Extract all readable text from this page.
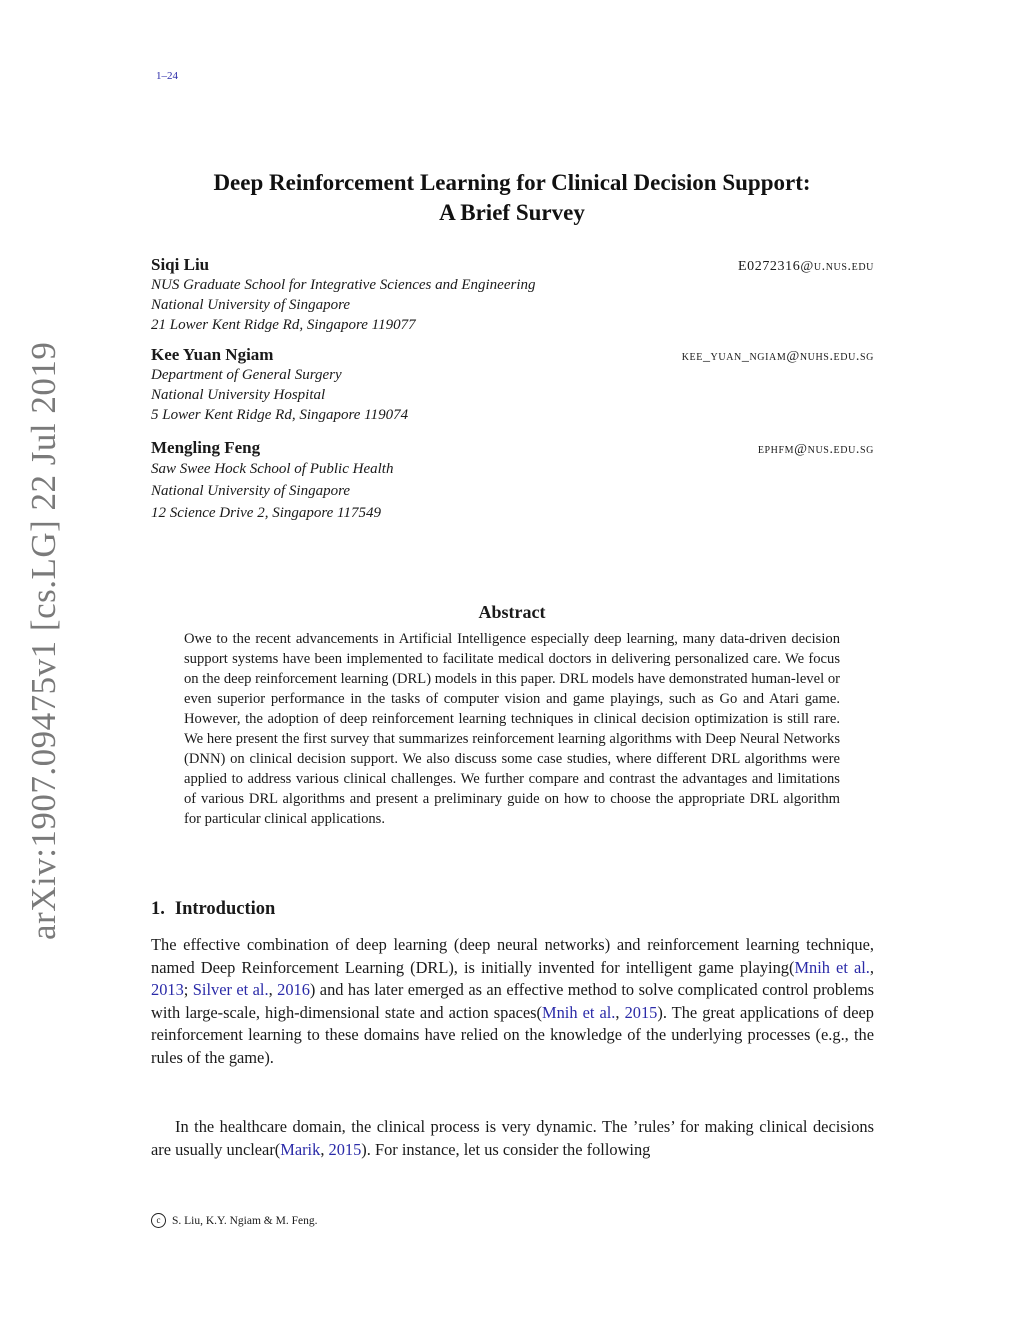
1–24
arXiv:1907.09475v1 [cs.LG] 22 Jul 2019
Deep Reinforcement Learning for Clinical Decision Support:
A Brief Survey
Siqi Liu	E0272316@u.nus.edu
NUS Graduate School for Integrative Sciences and Engineering
National University of Singapore
21 Lower Kent Ridge Rd, Singapore 119077
Kee Yuan Ngiam	kee_yuan_ngiam@nuhs.edu.sg
Department of General Surgery
National University Hospital
5 Lower Kent Ridge Rd, Singapore 119074
Mengling Feng	ephfm@nus.edu.sg
Saw Swee Hock School of Public Health
National University of Singapore
12 Science Drive 2, Singapore 117549
Abstract
Owe to the recent advancements in Artificial Intelligence especially deep learning, many data-driven decision support systems have been implemented to facilitate medical doctors in delivering personalized care. We focus on the deep reinforcement learning (DRL) models in this paper. DRL models have demonstrated human-level or even superior performance in the tasks of computer vision and game playings, such as Go and Atari game. However, the adoption of deep reinforcement learning techniques in clinical decision optimization is still rare. We here present the first survey that summarizes reinforcement learning algorithms with Deep Neural Networks (DNN) on clinical decision support. We also discuss some case studies, where different DRL algorithms were applied to address various clinical challenges. We further compare and contrast the advantages and limitations of various DRL algorithms and present a preliminary guide on how to choose the appropriate DRL algorithm for particular clinical applications.
1. Introduction
The effective combination of deep learning (deep neural networks) and reinforcement learning technique, named Deep Reinforcement Learning (DRL), is initially invented for intelligent game playing(Mnih et al., 2013; Silver et al., 2016) and has later emerged as an effective method to solve complicated control problems with large-scale, high-dimensional state and action spaces(Mnih et al., 2015). The great applications of deep reinforcement learning to these domains have relied on the knowledge of the underlying processes (e.g., the rules of the game).
In the healthcare domain, the clinical process is very dynamic. The ’rules’ for making clinical decisions are usually unclear(Marik, 2015). For instance, let us consider the following
c	S. Liu, K.Y. Ngiam & M. Feng.
